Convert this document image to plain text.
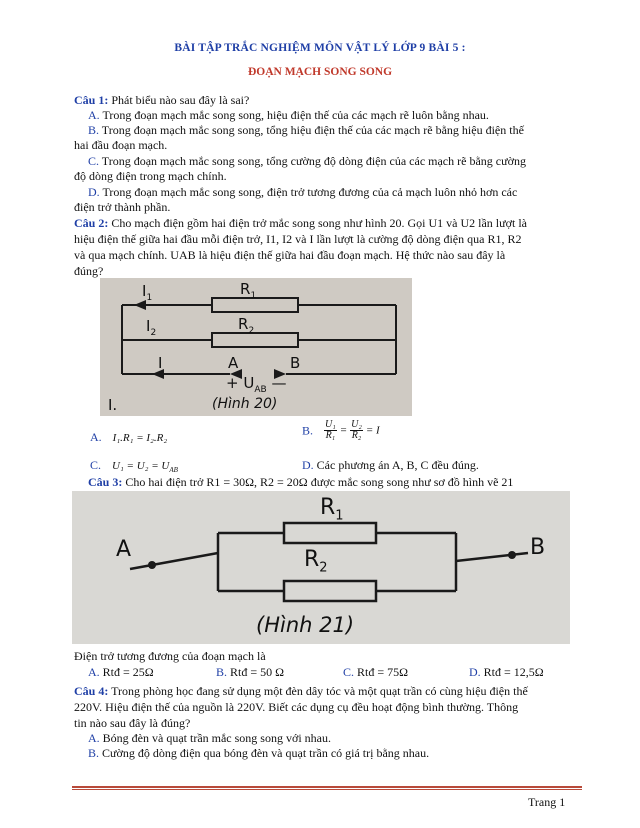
BÀI TẬP TRẮC NGHIỆM MÔN VẬT LÝ LỚP 9 BÀI 5 :
ĐOẠN MẠCH SONG SONG
Câu 1: Phát biểu nào sau đây là sai?
A. Trong đoạn mạch mắc song song, hiệu điện thế của các mạch rẽ luôn bằng nhau.
B. Trong đoạn mạch mắc song song, tổng hiệu điện thế của các mạch rẽ bằng hiệu điện thế
hai đầu đoạn mạch.
C. Trong đoạn mạch mắc song song, tổng cường độ dòng điện của các mạch rẽ bằng cường
độ dòng điện trong mạch chính.
D. Trong đoạn mạch mắc song song, điện trở tương đương của cả mạch luôn nhỏ hơn các
điện trở thành phần.
Câu 2: Cho mạch điện gồm hai điện trở mắc song song như hình 20. Gọi U1 và U2 lần lượt là
hiệu điện thế giữa hai đầu mỗi điện trở, I1, I2 và I lần lượt là cường độ dòng điện qua R1, R2
và qua mạch chính. UAB là hiệu điện thế giữa hai đầu đoạn mạch. Hệ thức nào sau đây là
đúng?
$I_1$	$R_1$
$I_2$	$R_2$
I	A	B
+ $U_{AB}$ —
I.	(Hình 20)
A. I₁.R₁ = I₂.R₂
B. $\frac{\text{U₁}}{\text{R₁}} = \frac{\text{U₂}}{\text{R₂}} = I$
C. $U_1 = U_2 = U_{AB}$	D. Các phương án A, B, C đều đúng.
Câu 3: Cho hai điện trở R1 = 30Ω, R2 = 20Ω được mắc song song như sơ đồ hình vẽ 21
$R_1$
$R_2$
A	B
(Hình 21)
Điện trở tương đương của đoạn mạch là
A. Rtđ = 25Ω	B. Rtđ = 50 Ω	C. Rtđ = 75Ω	D. Rtđ = 12,5Ω
Câu 4: Trong phòng học đang sử dụng một đèn dây tóc và một quạt trần có cùng hiệu điện thế
220V. Hiệu điện thế của nguồn là 220V. Biết các dụng cụ đều hoạt động bình thường. Thông
tin nào sau đây là đúng?
A. Bóng đèn và quạt trần mắc song song với nhau.
B. Cường độ dòng điện qua bóng đèn và quạt trần có giá trị bằng nhau.
Trang 1
